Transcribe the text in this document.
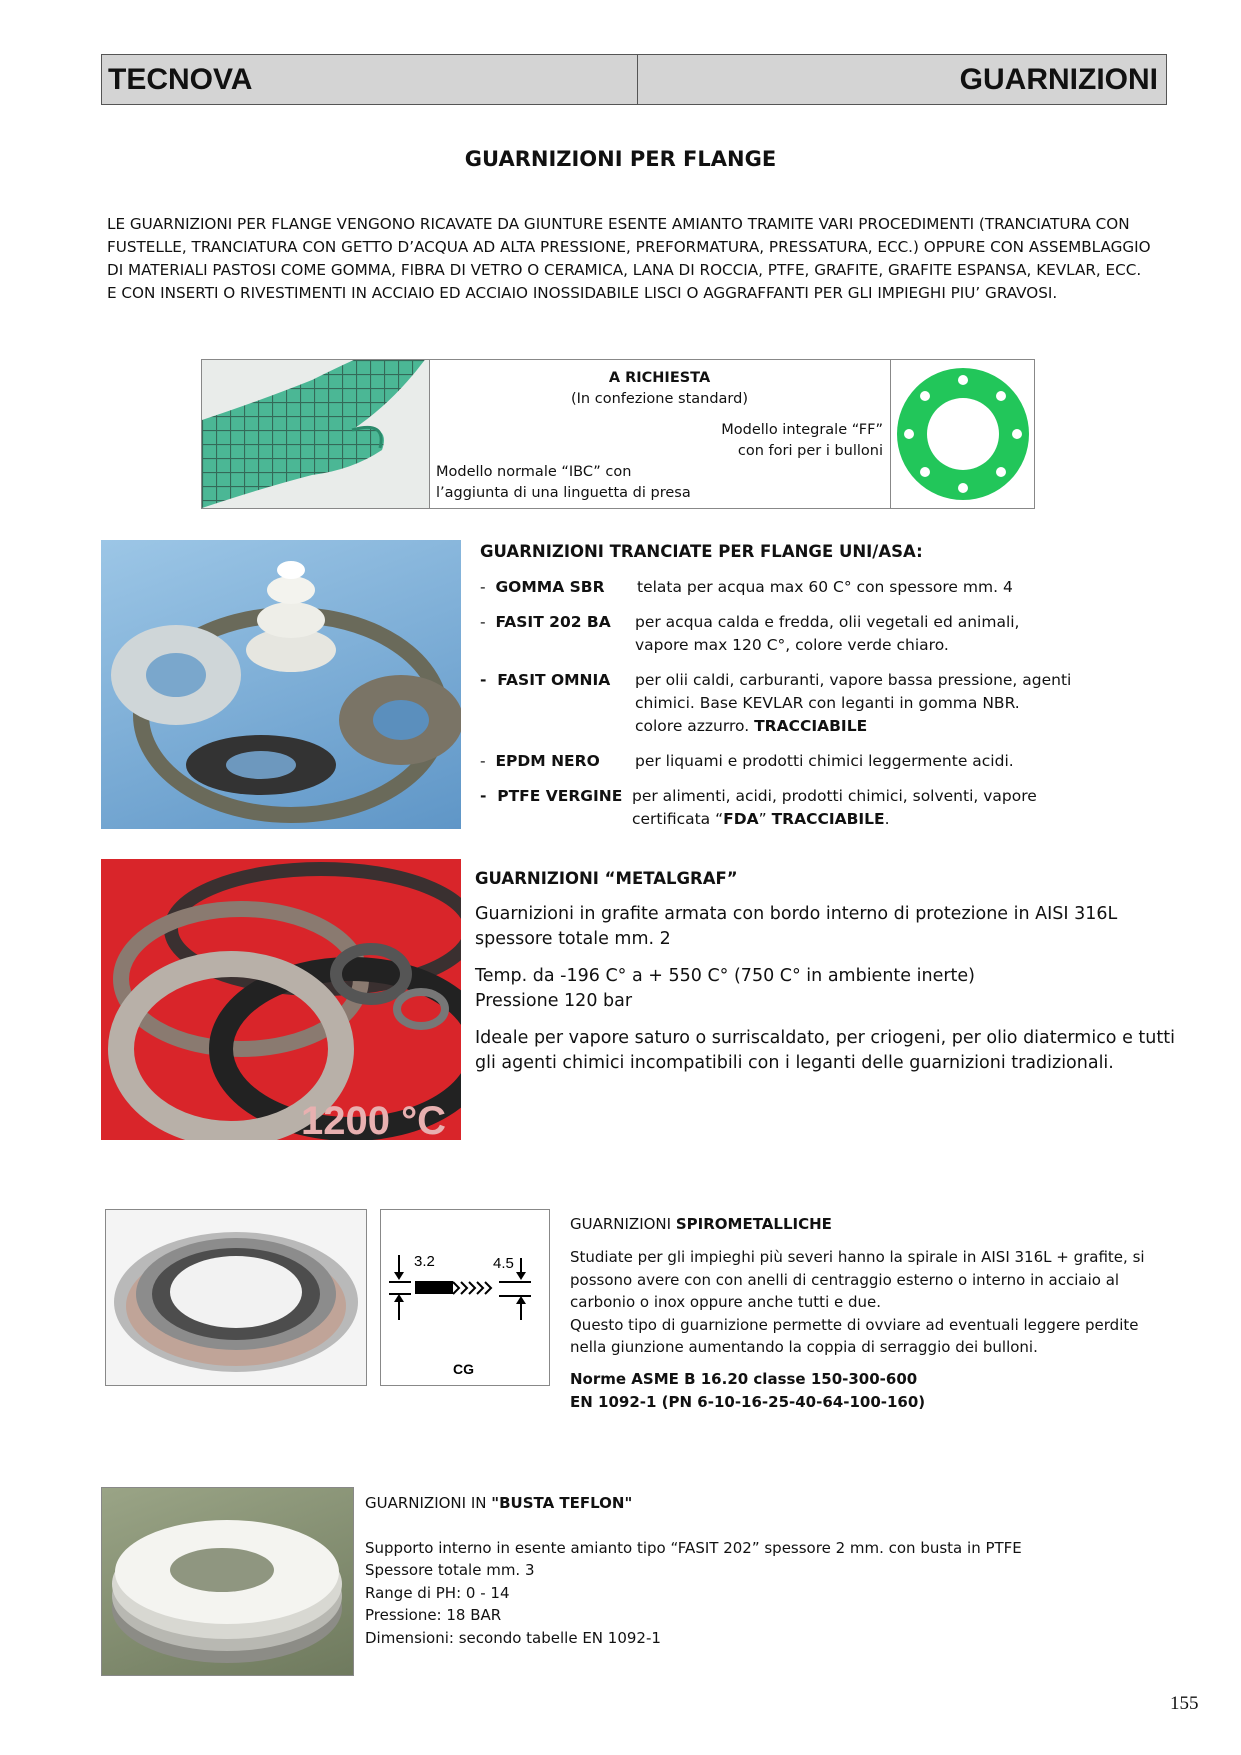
TECNOVA	GUARNIZIONI
GUARNIZIONI PER FLANGE
LE GUARNIZIONI PER FLANGE VENGONO RICAVATE DA GIUNTURE ESENTE AMIANTO TRAMITE VARI PROCEDIMENTI (TRANCIATURA CON
FUSTELLE, TRANCIATURA CON GETTO D’ACQUA AD ALTA PRESSIONE, PREFORMATURA, PRESSATURA, ECC.) OPPURE CON ASSEMBLAGGIO
DI MATERIALI PASTOSI COME GOMMA, FIBRA DI VETRO O CERAMICA, LANA DI ROCCIA, PTFE, GRAFITE, GRAFITE ESPANSA, KEVLAR, ECC.
E CON INSERTI O RIVESTIMENTI IN ACCIAIO ED ACCIAIO INOSSIDABILE LISCI O AGGRAFFANTI PER GLI IMPIEGHI PIU’ GRAVOSI.
A RICHIESTA
(In confezione standard)
Modello integrale “FF”
con fori per i bulloni
Modello normale “IBC” con
l’aggiunta di una linguetta di presa
GUARNIZIONI TRANCIATE PER FLANGE UNI/ASA:
-  GOMMA SBR telata per acqua max 60 C° con spessore mm. 4
-  FASIT 202 BA per acqua calda e fredda, olii vegetali ed animali,
vapore max 120 C°, colore verde chiaro.
-  FASIT OMNIA per olii caldi, carburanti, vapore bassa pressione, agenti
chimici. Base KEVLAR con leganti in gomma NBR.
colore azzurro. TRACCIABILE
-  EPDM NERO per liquami e prodotti chimici leggermente acidi.
-  PTFE VERGINE per alimenti, acidi, prodotti chimici, solventi, vapore
certificata “FDA” TRACCIABILE.
1200 °C
GUARNIZIONI “METALGRAF”
Guarnizioni in grafite armata con bordo interno di protezione in AISI 316L
spessore totale mm. 2
Temp. da -196 C° a + 550 C° (750 C° in ambiente inerte)
Pressione 120 bar
Ideale per vapore saturo o surriscaldato, per criogeni, per olio diatermico e tutti
gli agenti chimici incompatibili con i leganti delle guarnizioni tradizionali.
3.2	4.5
CG
GUARNIZIONI SPIROMETALLICHE
Studiate per gli impieghi più severi hanno la spirale in AISI 316L + grafite, si
possono avere con con anelli di centraggio esterno o interno in acciaio al
carbonio o inox oppure anche tutti e due.
Questo tipo di guarnizione permette di ovviare ad eventuali leggere perdite
nella giunzione aumentando la coppia di serraggio dei bulloni.
Norme ASME B 16.20 classe 150-300-600
EN 1092-1 (PN 6-10-16-25-40-64-100-160)
GUARNIZIONI IN "BUSTA TEFLON"
Supporto interno in esente amianto tipo “FASIT 202” spessore 2 mm. con busta in PTFE
Spessore totale mm. 3
Range di PH: 0 - 14
Pressione: 18 BAR
Dimensioni: secondo tabelle EN 1092-1
155
